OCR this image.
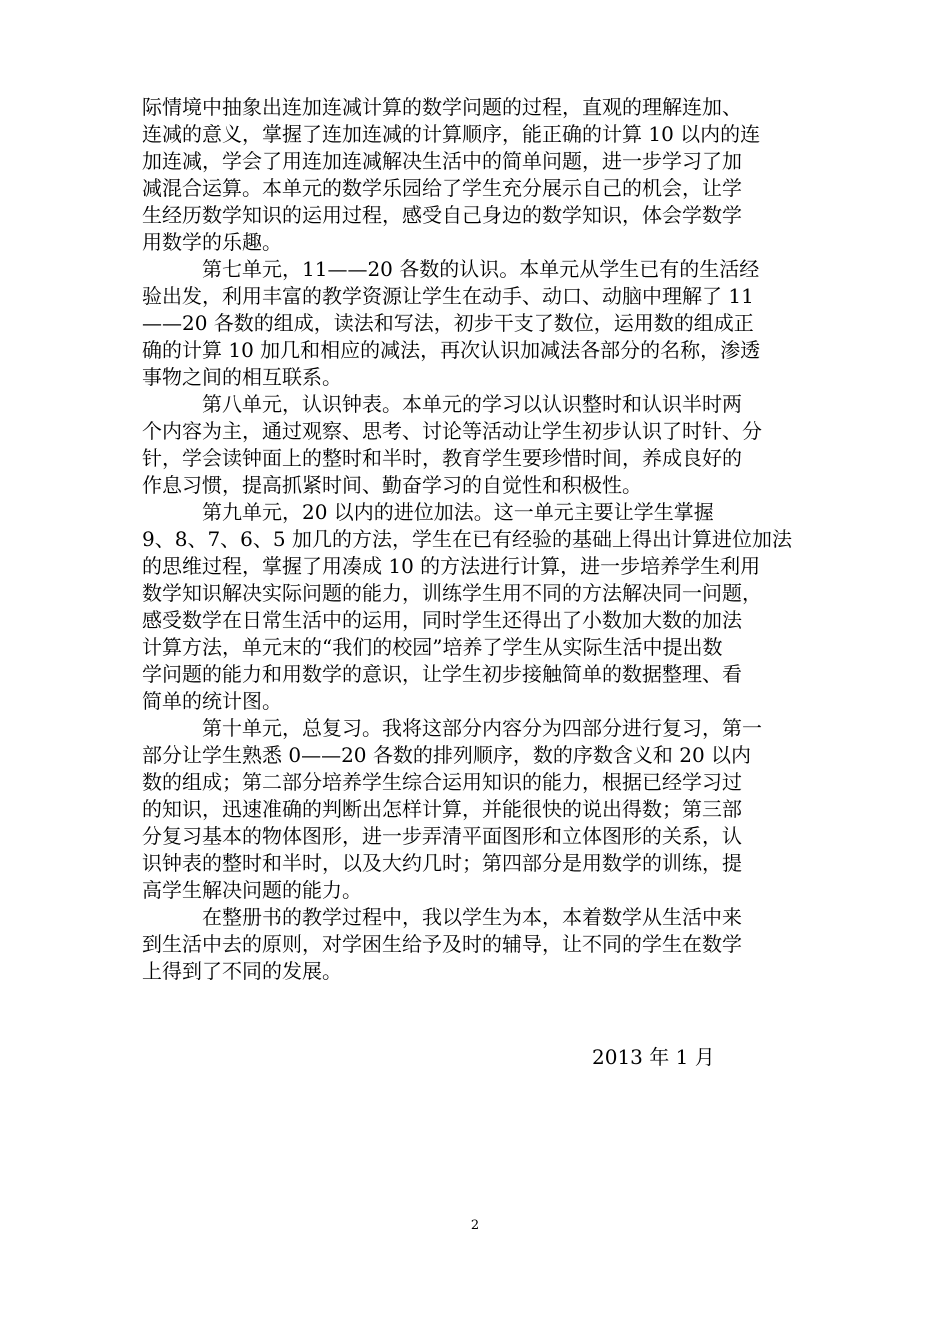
际情境中抽象出连加连减计算的数学问题的过程，直观的理解连加、
连减的意义，掌握了连加连减的计算顺序，能正确的计算 10 以内的连
加连减，学会了用连加连减解决生活中的简单问题，进一步学习了加
减混合运算。本单元的数学乐园给了学生充分展示自己的机会，让学
生经历数学知识的运用过程，感受自己身边的数学知识，体会学数学
用数学的乐趣。
第七单元，11——20 各数的认识。本单元从学生已有的生活经
验出发，利用丰富的教学资源让学生在动手、动口、动脑中理解了 11
——20 各数的组成，读法和写法，初步干支了数位，运用数的组成正
确的计算 10 加几和相应的减法，再次认识加减法各部分的名称，渗透
事物之间的相互联系。
第八单元，认识钟表。本单元的学习以认识整时和认识半时两
个内容为主，通过观察、思考、讨论等活动让学生初步认识了时针、分
针，学会读钟面上的整时和半时，教育学生要珍惜时间，养成良好的
作息习惯，提高抓紧时间、勤奋学习的自觉性和积极性。
第九单元，20 以内的进位加法。这一单元主要让学生掌握
9、8、7、6、5 加几的方法，学生在已有经验的基础上得出计算进位加法
的思维过程，掌握了用凑成 10 的方法进行计算，进一步培养学生利用
数学知识解决实际问题的能力，训练学生用不同的方法解决同一问题，
感受数学在日常生活中的运用，同时学生还得出了小数加大数的加法
计算方法，单元末的“我们的校园”培养了学生从实际生活中提出数
学问题的能力和用数学的意识，让学生初步接触简单的数据整理、看
简单的统计图。
第十单元，总复习。我将这部分内容分为四部分进行复习，第一
部分让学生熟悉 0——20 各数的排列顺序，数的序数含义和 20 以内
数的组成；第二部分培养学生综合运用知识的能力，根据已经学习过
的知识，迅速准确的判断出怎样计算，并能很快的说出得数；第三部
分复习基本的物体图形，进一步弄清平面图形和立体图形的关系，认
识钟表的整时和半时，以及大约几时；第四部分是用数学的训练，提
高学生解决问题的能力。
在整册书的教学过程中，我以学生为本，本着数学从生活中来
到生活中去的原则，对学困生给予及时的辅导，让不同的学生在数学
上得到了不同的发展。
2013 年 1 月
2
